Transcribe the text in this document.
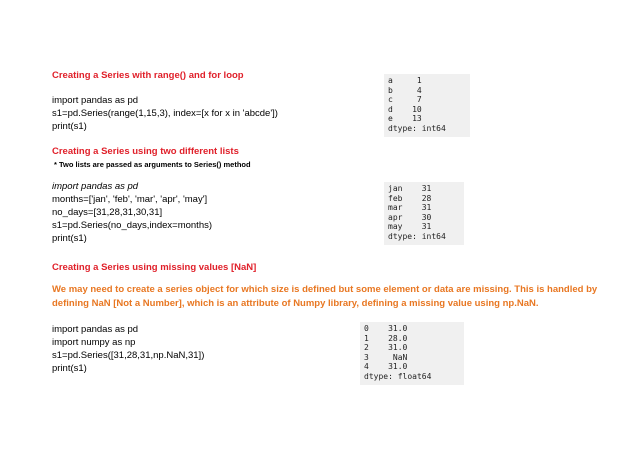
Creating a Series with range() and for loop
import pandas as pd
s1=pd.Series(range(1,15,3), index=[x for x in 'abcde'])
print(s1)
a     1
b     4
c     7
d    10
e    13
dtype: int64
Creating a Series using two different lists
* Two lists are passed as arguments to Series() method
import pandas as pd
months=['jan', 'feb', 'mar', 'apr', 'may']
no_days=[31,28,31,30,31]
s1=pd.Series(no_days,index=months)
print(s1)
jan    31
feb    28
mar    31
apr    30
may    31
dtype: int64
Creating a Series using missing values [NaN]
We may need to create a series object for which size is defined but some element or data are missing. This is handled by defining NaN [Not a Number], which is an attribute of Numpy library, defining a missing value using np.NaN.
import pandas as pd
import numpy as np
s1=pd.Series([31,28,31,np.NaN,31])
print(s1)
0    31.0
1    28.0
2    31.0
3     NaN
4    31.0
dtype: float64
